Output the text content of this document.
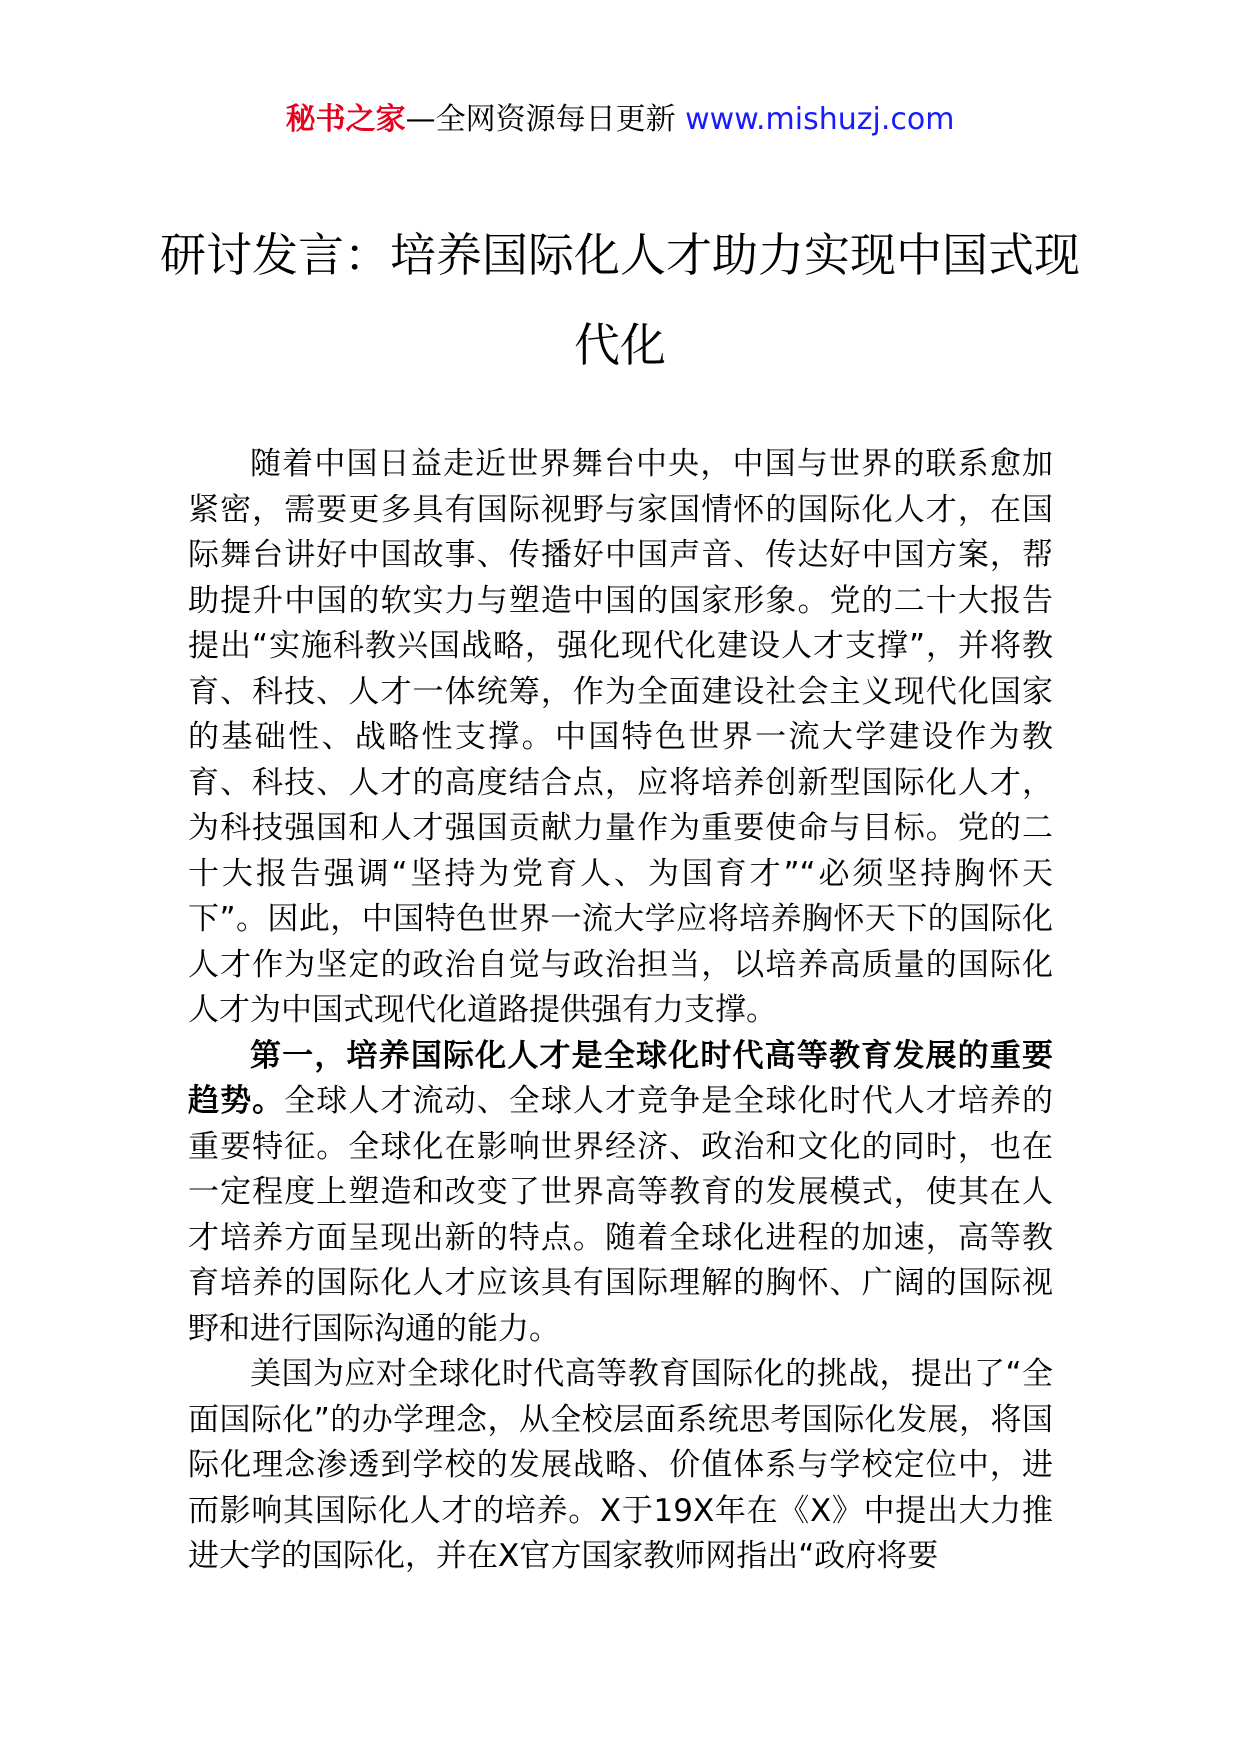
秘书之家—全网资源每日更新 www.mishuzj.com
研讨发言：培养国际化人才助力实现中国式现代化

随着中国日益走近世界舞台中央，中国与世界的联系愈加紧密，需要更多具有国际视野与家国情怀的国际化人才，在国际舞台讲好中国故事、传播好中国声音、传达好中国方案，帮助提升中国的软实力与塑造中国的国家形象。党的二十大报告提出“实施科教兴国战略，强化现代化建设人才支撑”，并将教育、科技、人才一体统筹，作为全面建设社会主义现代化国家的基础性、战略性支撑。中国特色世界一流大学建设作为教育、科技、人才的高度结合点，应将培养创新型国际化人才，为科技强国和人才强国贡献力量作为重要使命与目标。党的二十大报告强调“坚持为党育人、为国育才”“必须坚持胸怀天下”。因此，中国特色世界一流大学应将培养胸怀天下的国际化人才作为坚定的政治自觉与政治担当，以培养高质量的国际化人才为中国式现代化道路提供强有力支撑。

第一，培养国际化人才是全球化时代高等教育发展的重要趋势。全球人才流动、全球人才竞争是全球化时代人才培养的重要特征。全球化在影响世界经济、政治和文化的同时，也在一定程度上塑造和改变了世界高等教育的发展模式，使其在人才培养方面呈现出新的特点。随着全球化进程的加速，高等教育培养的国际化人才应该具有国际理解的胸怀、广阔的国际视野和进行国际沟通的能力。

美国为应对全球化时代高等教育国际化的挑战，提出了“全面国际化”的办学理念，从全校层面系统思考国际化发展，将国际化理念渗透到学校的发展战略、价值体系与学校定位中，进而影响其国际化人才的培养。X于19X年在《X》中提出大力推进大学的国际化，并在X官方国家教师网指出“政府将要
